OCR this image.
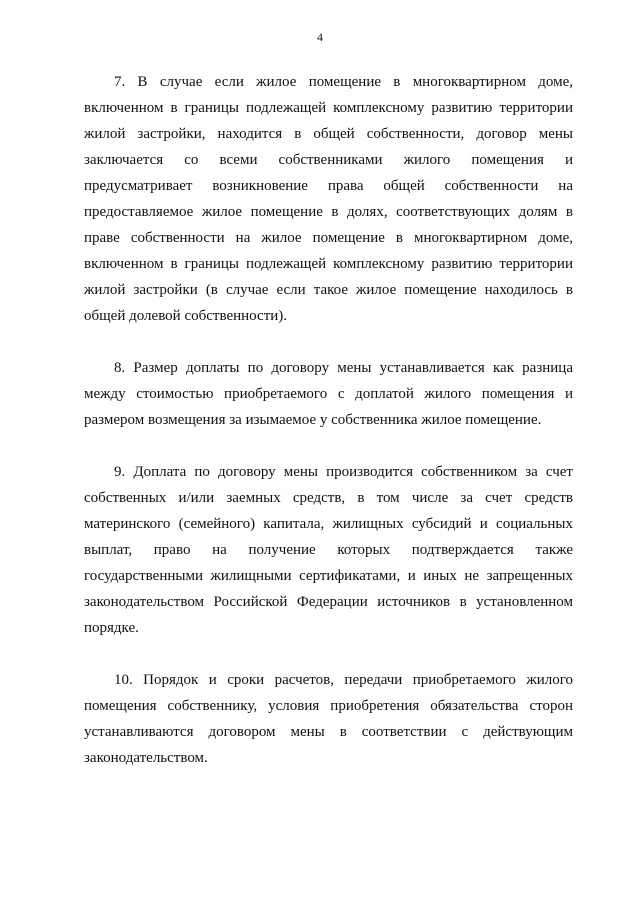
4

7. В случае если жилое помещение в многоквартирном доме, включенном в границы подлежащей комплексному развитию территории жилой застройки, находится в общей собственности, договор мены заключается со всеми собственниками жилого помещения и предусматривает возникновение права общей собственности на предоставляемое жилое помещение в долях, соответствующих долям в праве собственности на жилое помещение в многоквартирном доме, включенном в границы подлежащей комплексному развитию территории жилой застройки (в случае если такое жилое помещение находилось в общей долевой собственности).

8. Размер доплаты по договору мены устанавливается как разница между стоимостью приобретаемого с доплатой жилого помещения и размером возмещения за изымаемое у собственника жилое помещение.

9. Доплата по договору мены производится собственником за счет собственных и/или заемных средств, в том числе за счет средств материнского (семейного) капитала, жилищных субсидий и социальных выплат, право на получение которых подтверждается также государственными жилищными сертификатами, и иных не запрещенных законодательством Российской Федерации источников в установленном порядке.

10. Порядок и сроки расчетов, передачи приобретаемого жилого помещения собственнику, условия приобретения обязательства сторон устанавливаются договором мены в соответствии с действующим законодательством.
